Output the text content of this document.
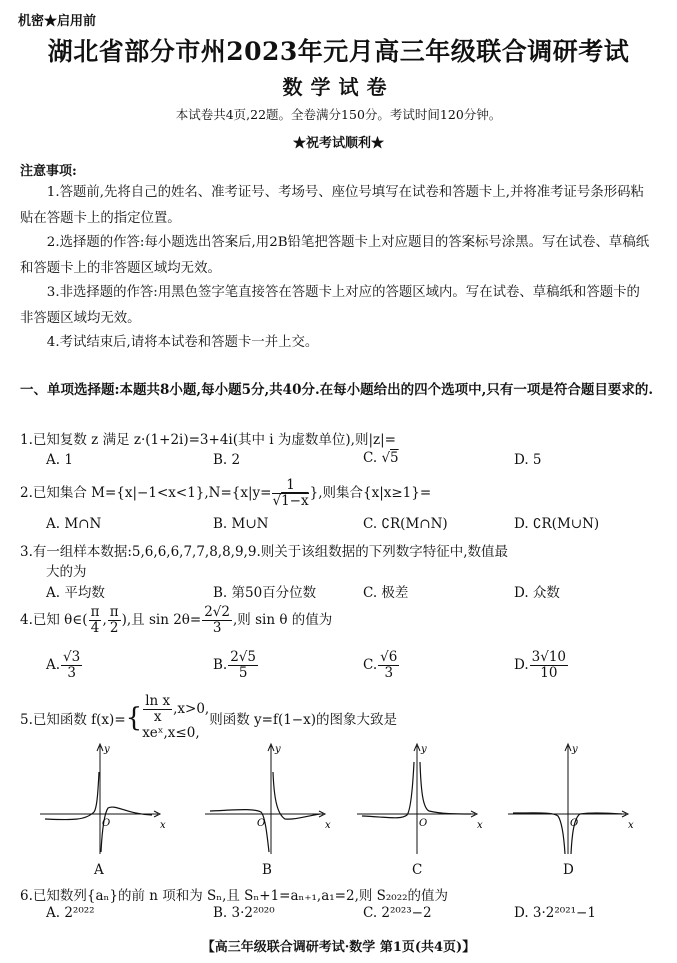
机密★启用前
湖北省部分市州2023年元月高三年级联合调研考试
数学试卷
本试卷共4页,22题。全卷满分150分。考试时间120分钟。
★祝考试顺利★
注意事项:
1.答题前,先将自己的姓名、准考证号、考场号、座位号填写在试卷和答题卡上,并将准考证号条形码粘贴在答题卡上的指定位置。
2.选择题的作答:每小题选出答案后,用2B铅笔把答题卡上对应题目的答案标号涂黑。写在试卷、草稿纸和答题卡上的非答题区域均无效。
3.非选择题的作答:用黑色签字笔直接答在答题卡上对应的答题区域内。写在试卷、草稿纸和答题卡的非答题区域均无效。
4.考试结束后,请将本试卷和答题卡一并上交。
一、单项选择题:本题共8小题,每小题5分,共40分.在每小题给出的四个选项中,只有一项是符合题目要求的.
1.已知复数 z 满足 z·(1+2i)=3+4i(其中 i 为虚数单位),则|z|=
A. 1	B. 2	C. √5	D. 5
2.已知集合 $M=\{x|-1<x<1\},N=\{x|y= \frac{1}{√1-x}$ },则集合{x|x≥1}=
A. M∩N	B. M∪N	C. ∁R(M∩N)	D. ∁R(M∪N)
3.有一组样本数据:5,6,6,6,7,7,8,8,9,9.则关于该组数据的下列数字特征中,数值最
大的为
A. 平均数	B. 第50百分位数	C. 极差	D. 众数
4.已知 θ∈( $\frac{\pi}{4}$ , $\frac{\pi}{2}$ ),且 $\sin 2\theta= \frac{2√2}{3}$ ,则 sin θ 的值为
A. $\frac{√3}{3}$	B. $\frac{2√5}{5}$	C. $\frac{√6}{3}$	D. $\frac{3√10}{10}$
5.已知函数 $f(x)=\{ \frac{\text{ln x}}{x} ,x>0$,
xeˣ,x≤0,
则函数 y=f(1−x)的图象大致是
y
x
O
A
y
x
O
B
y
x
O
C
y
x
O
D
6.已知数列{aₙ}的前 n 项和为 Sₙ,且 Sₙ+1=aₙ₊₁,a₁=2,则 S₂₀₂₂的值为
A. 2²⁰²²	B. 3·2²⁰²⁰	C. 2²⁰²³−2	D. 3·2²⁰²¹−1
【高三年级联合调研考试·数学 第1页(共4页)】
